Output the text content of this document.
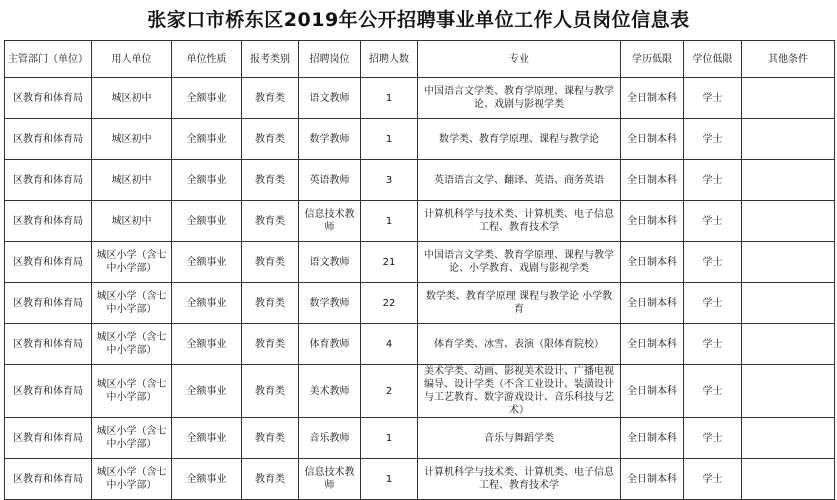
张家口市桥东区2019年公开招聘事业单位工作人员岗位信息表
主管部门（单位）	用人单位	单位性质	报考类别	招聘岗位	招聘人数	专业	学历低限	学位低限	其他条件
区教育和体育局	城区初中	全额事业	教育类	语文教师	1	中国语言文学类、教育学原理、课程与教学论、戏剧与影视学类	全日制本科	学士	
区教育和体育局	城区初中	全额事业	教育类	数学教师	1	数学类、教育学原理、课程与教学论	全日制本科	学士	
区教育和体育局	城区初中	全额事业	教育类	英语教师	3	英语语言文学、翻译、英语、商务英语	全日制本科	学士	
区教育和体育局	城区初中	全额事业	教育类	信息技术教师	1	计算机科学与技术类、计算机类、电子信息工程、教育技术学	全日制本科	学士	
区教育和体育局	城区小学（含七中小学部）	全额事业	教育类	语文教师	21	中国语言文学类、教育学原理、课程与教学论、小学教育、戏剧与影视学类	全日制本科	学士	
区教育和体育局	城区小学（含七中小学部）	全额事业	教育类	数学教师	22	数学类、教育学原理 课程与教学论 小学教育	全日制本科	学士	
区教育和体育局	城区小学（含七中小学部）	全额事业	教育类	体育教师	4	体育学类、冰雪、表演（限体育院校）	全日制本科	学士	
区教育和体育局	城区小学（含七中小学部）	全额事业	教育类	美术教师	2	美术学类、动画、影视美术设计、广播电视编导、设计学类（不含工业设计、装潢设计与工艺教育、数字游戏设计、音乐科技与艺术）	全日制本科	学士	
区教育和体育局	城区小学（含七中小学部）	全额事业	教育类	音乐教师	1	音乐与舞蹈学类	全日制本科	学士	
区教育和体育局	城区小学（含七中小学部）	全额事业	教育类	信息技术教师	1	计算机科学与技术类、计算机类、电子信息工程、教育技术学	全日制本科	学士	
